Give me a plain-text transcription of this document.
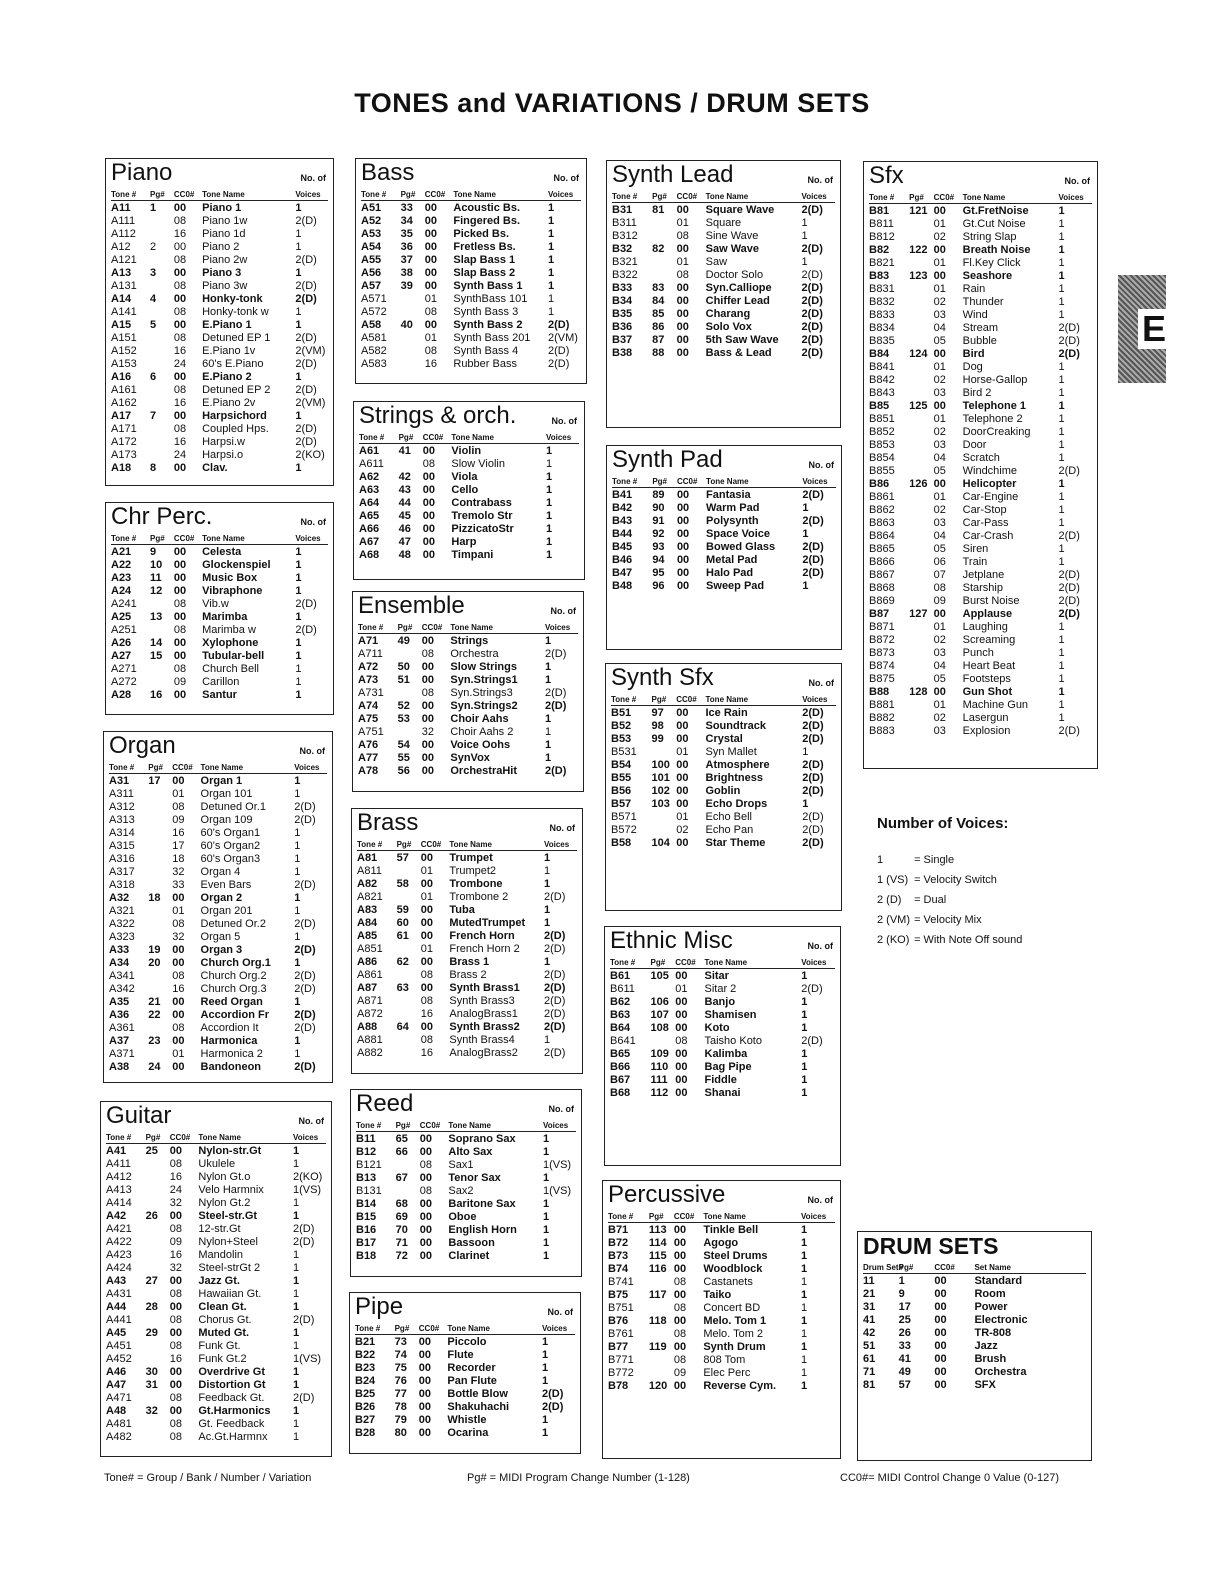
TONES and VARIATIONS / DRUM SETS
Piano	No. of
Tone #	Pg#	CC0#	Tone Name	Voices
A11	1	00	Piano 1	1
A111		08	Piano 1w	2(D)
A112		16	Piano 1d	1
A12	2	00	Piano 2	1
A121		08	Piano 2w	2(D)
A13	3	00	Piano 3	1
A131		08	Piano 3w	2(D)
A14	4	00	Honky-tonk	2(D)
A141		08	Honky-tonk w	1
A15	5	00	E.Piano 1	1
A151		08	Detuned EP 1	2(D)
A152		16	E.Piano 1v	2(VM)
A153		24	60's E.Piano	2(D)
A16	6	00	E.Piano 2	1
A161		08	Detuned EP 2	2(D)
A162		16	E.Piano 2v	2(VM)
A17	7	00	Harpsichord	1
A171		08	Coupled Hps.	2(D)
A172		16	Harpsi.w	2(D)
A173		24	Harpsi.o	2(KO)
A18	8	00	Clav.	1
Chr Perc.	No. of
Tone #	Pg#	CC0#	Tone Name	Voices
A21	9	00	Celesta	1
A22	10	00	Glockenspiel	1
A23	11	00	Music Box	1
A24	12	00	Vibraphone	1
A241		08	Vib.w	2(D)
A25	13	00	Marimba	1
A251		08	Marimba w	2(D)
A26	14	00	Xylophone	1
A27	15	00	Tubular-bell	1
A271		08	Church Bell	1
A272		09	Carillon	1
A28	16	00	Santur	1
Organ	No. of
Tone #	Pg#	CC0#	Tone Name	Voices
A31	17	00	Organ 1	1
A311		01	Organ 101	1
A312		08	Detuned Or.1	2(D)
A313		09	Organ 109	2(D)
A314		16	60's Organ1	1
A315		17	60's Organ2	1
A316		18	60's Organ3	1
A317		32	Organ 4	1
A318		33	Even Bars	2(D)
A32	18	00	Organ 2	1
A321		01	Organ 201	1
A322		08	Detuned Or.2	2(D)
A323		32	Organ 5	1
A33	19	00	Organ 3	2(D)
A34	20	00	Church Org.1	1
A341		08	Church Org.2	2(D)
A342		16	Church Org.3	2(D)
A35	21	00	Reed Organ	1
A36	22	00	Accordion Fr	2(D)
A361		08	Accordion It	2(D)
A37	23	00	Harmonica	1
A371		01	Harmonica 2	1
A38	24	00	Bandoneon	2(D)
Guitar	No. of
Tone #	Pg#	CC0#	Tone Name	Voices
A41	25	00	Nylon-str.Gt	1
A411		08	Ukulele	1
A412		16	Nylon Gt.o	2(KO)
A413		24	Velo Harmnix	1(VS)
A414		32	Nylon Gt.2	1
A42	26	00	Steel-str.Gt	1
A421		08	12-str.Gt	2(D)
A422		09	Nylon+Steel	2(D)
A423		16	Mandolin	1
A424		32	Steel-strGt 2	1
A43	27	00	Jazz Gt.	1
A431		08	Hawaiian Gt.	1
A44	28	00	Clean Gt.	1
A441		08	Chorus Gt.	2(D)
A45	29	00	Muted Gt.	1
A451		08	Funk Gt.	1
A452		16	Funk Gt.2	1(VS)
A46	30	00	Overdrive Gt	1
A47	31	00	Distortion Gt	1
A471		08	Feedback Gt.	2(D)
A48	32	00	Gt.Harmonics	1
A481		08	Gt. Feedback	1
A482		08	Ac.Gt.Harmnx	1
Bass	No. of
Tone #	Pg#	CC0#	Tone Name	Voices
A51	33	00	Acoustic Bs.	1
A52	34	00	Fingered Bs.	1
A53	35	00	Picked Bs.	1
A54	36	00	Fretless Bs.	1
A55	37	00	Slap Bass 1	1
A56	38	00	Slap Bass 2	1
A57	39	00	Synth Bass 1	1
A571		01	SynthBass 101	1
A572		08	Synth Bass 3	1
A58	40	00	Synth Bass 2	2(D)
A581		01	Synth Bass 201	2(VM)
A582		08	Synth Bass 4	2(D)
A583		16	Rubber Bass	2(D)
Strings & orch.	No. of
Tone #	Pg#	CC0#	Tone Name	Voices
A61	41	00	Violin	1
A611		08	Slow Violin	1
A62	42	00	Viola	1
A63	43	00	Cello	1
A64	44	00	Contrabass	1
A65	45	00	Tremolo Str	1
A66	46	00	PizzicatoStr	1
A67	47	00	Harp	1
A68	48	00	Timpani	1
Ensemble	No. of
Tone #	Pg#	CC0#	Tone Name	Voices
A71	49	00	Strings	1
A711		08	Orchestra	2(D)
A72	50	00	Slow Strings	1
A73	51	00	Syn.Strings1	1
A731		08	Syn.Strings3	2(D)
A74	52	00	Syn.Strings2	2(D)
A75	53	00	Choir Aahs	1
A751		32	Choir Aahs 2	1
A76	54	00	Voice Oohs	1
A77	55	00	SynVox	1
A78	56	00	OrchestraHit	2(D)
Brass	No. of
Tone #	Pg#	CC0#	Tone Name	Voices
A81	57	00	Trumpet	1
A811		01	Trumpet2	1
A82	58	00	Trombone	1
A821		01	Trombone 2	2(D)
A83	59	00	Tuba	1
A84	60	00	MutedTrumpet	1
A85	61	00	French Horn	2(D)
A851		01	French Horn 2	2(D)
A86	62	00	Brass 1	1
A861		08	Brass 2	2(D)
A87	63	00	Synth Brass1	2(D)
A871		08	Synth Brass3	2(D)
A872		16	AnalogBrass1	2(D)
A88	64	00	Synth Brass2	2(D)
A881		08	Synth Brass4	1
A882		16	AnalogBrass2	2(D)
Reed	No. of
Tone #	Pg#	CC0#	Tone Name	Voices
B11	65	00	Soprano Sax	1
B12	66	00	Alto Sax	1
B121		08	Sax1	1(VS)
B13	67	00	Tenor Sax	1
B131		08	Sax2	1(VS)
B14	68	00	Baritone Sax	1
B15	69	00	Oboe	1
B16	70	00	English Horn	1
B17	71	00	Bassoon	1
B18	72	00	Clarinet	1
Pipe	No. of
Tone #	Pg#	CC0#	Tone Name	Voices
B21	73	00	Piccolo	1
B22	74	00	Flute	1
B23	75	00	Recorder	1
B24	76	00	Pan Flute	1
B25	77	00	Bottle Blow	2(D)
B26	78	00	Shakuhachi	2(D)
B27	79	00	Whistle	1
B28	80	00	Ocarina	1
Synth Lead	No. of
Tone #	Pg#	CC0#	Tone Name	Voices
B31	81	00	Square Wave	2(D)
B311		01	Square	1
B312		08	Sine Wave	1
B32	82	00	Saw Wave	2(D)
B321		01	Saw	1
B322		08	Doctor Solo	2(D)
B33	83	00	Syn.Calliope	2(D)
B34	84	00	Chiffer Lead	2(D)
B35	85	00	Charang	2(D)
B36	86	00	Solo Vox	2(D)
B37	87	00	5th Saw Wave	2(D)
B38	88	00	Bass & Lead	2(D)
Synth Pad	No. of
Tone #	Pg#	CC0#	Tone Name	Voices
B41	89	00	Fantasia	2(D)
B42	90	00	Warm Pad	1
B43	91	00	Polysynth	2(D)
B44	92	00	Space Voice	1
B45	93	00	Bowed Glass	2(D)
B46	94	00	Metal Pad	2(D)
B47	95	00	Halo Pad	2(D)
B48	96	00	Sweep Pad	1
Synth Sfx	No. of
Tone #	Pg#	CC0#	Tone Name	Voices
B51	97	00	Ice Rain	2(D)
B52	98	00	Soundtrack	2(D)
B53	99	00	Crystal	2(D)
B531		01	Syn Mallet	1
B54	100	00	Atmosphere	2(D)
B55	101	00	Brightness	2(D)
B56	102	00	Goblin	2(D)
B57	103	00	Echo Drops	1
B571		01	Echo Bell	2(D)
B572		02	Echo Pan	2(D)
B58	104	00	Star Theme	2(D)
Ethnic Misc	No. of
Tone #	Pg#	CC0#	Tone Name	Voices
B61	105	00	Sitar	1
B611		01	Sitar 2	2(D)
B62	106	00	Banjo	1
B63	107	00	Shamisen	1
B64	108	00	Koto	1
B641		08	Taisho Koto	2(D)
B65	109	00	Kalimba	1
B66	110	00	Bag Pipe	1
B67	111	00	Fiddle	1
B68	112	00	Shanai	1
Percussive	No. of
Tone #	Pg#	CC0#	Tone Name	Voices
B71	113	00	Tinkle Bell	1
B72	114	00	Agogo	1
B73	115	00	Steel Drums	1
B74	116	00	Woodblock	1
B741		08	Castanets	1
B75	117	00	Taiko	1
B751		08	Concert BD	1
B76	118	00	Melo. Tom 1	1
B761		08	Melo. Tom 2	1
B77	119	00	Synth Drum	1
B771		08	808 Tom	1
B772		09	Elec Perc	1
B78	120	00	Reverse Cym.	1
Sfx	No. of
Tone #	Pg#	CC0#	Tone Name	Voices
B81	121	00	Gt.FretNoise	1
B811		01	Gt.Cut Noise	1
B812		02	String Slap	1
B82	122	00	Breath Noise	1
B821		01	Fl.Key Click	1
B83	123	00	Seashore	1
B831		01	Rain	1
B832		02	Thunder	1
B833		03	Wind	1
B834		04	Stream	2(D)
B835		05	Bubble	2(D)
B84	124	00	Bird	2(D)
B841		01	Dog	1
B842		02	Horse-Gallop	1
B843		03	Bird 2	1
B85	125	00	Telephone 1	1
B851		01	Telephone 2	1
B852		02	DoorCreaking	1
B853		03	Door	1
B854		04	Scratch	1
B855		05	Windchime	2(D)
B86	126	00	Helicopter	1
B861		01	Car-Engine	1
B862		02	Car-Stop	1
B863		03	Car-Pass	1
B864		04	Car-Crash	2(D)
B865		05	Siren	1
B866		06	Train	1
B867		07	Jetplane	2(D)
B868		08	Starship	2(D)
B869		09	Burst Noise	2(D)
B87	127	00	Applause	2(D)
B871		01	Laughing	1
B872		02	Screaming	1
B873		03	Punch	1
B874		04	Heart Beat	1
B875		05	Footsteps	1
B88	128	00	Gun Shot	1
B881		01	Machine Gun	1
B882		02	Lasergun	1
B883		03	Explosion	2(D)
DRUM SETS
Drum Set#	Pg#	CC0#	Set Name
11	1	00	Standard
21	9	00	Room
31	17	00	Power
41	25	00	Electronic
42	26	00	TR-808
51	33	00	Jazz
61	41	00	Brush
71	49	00	Orchestra
81	57	00	SFX
Number of Voices:
1	= Single
1 (VS) = Velocity Switch
2 (D) = Dual
2 (VM) = Velocity Mix
2 (KO) = With Note Off sound
E
Tone# = Group / Bank / Number / Variation	Pg# = MIDI Program Change Number (1-128)	CC0#= MIDI Control Change 0 Value (0-127)
